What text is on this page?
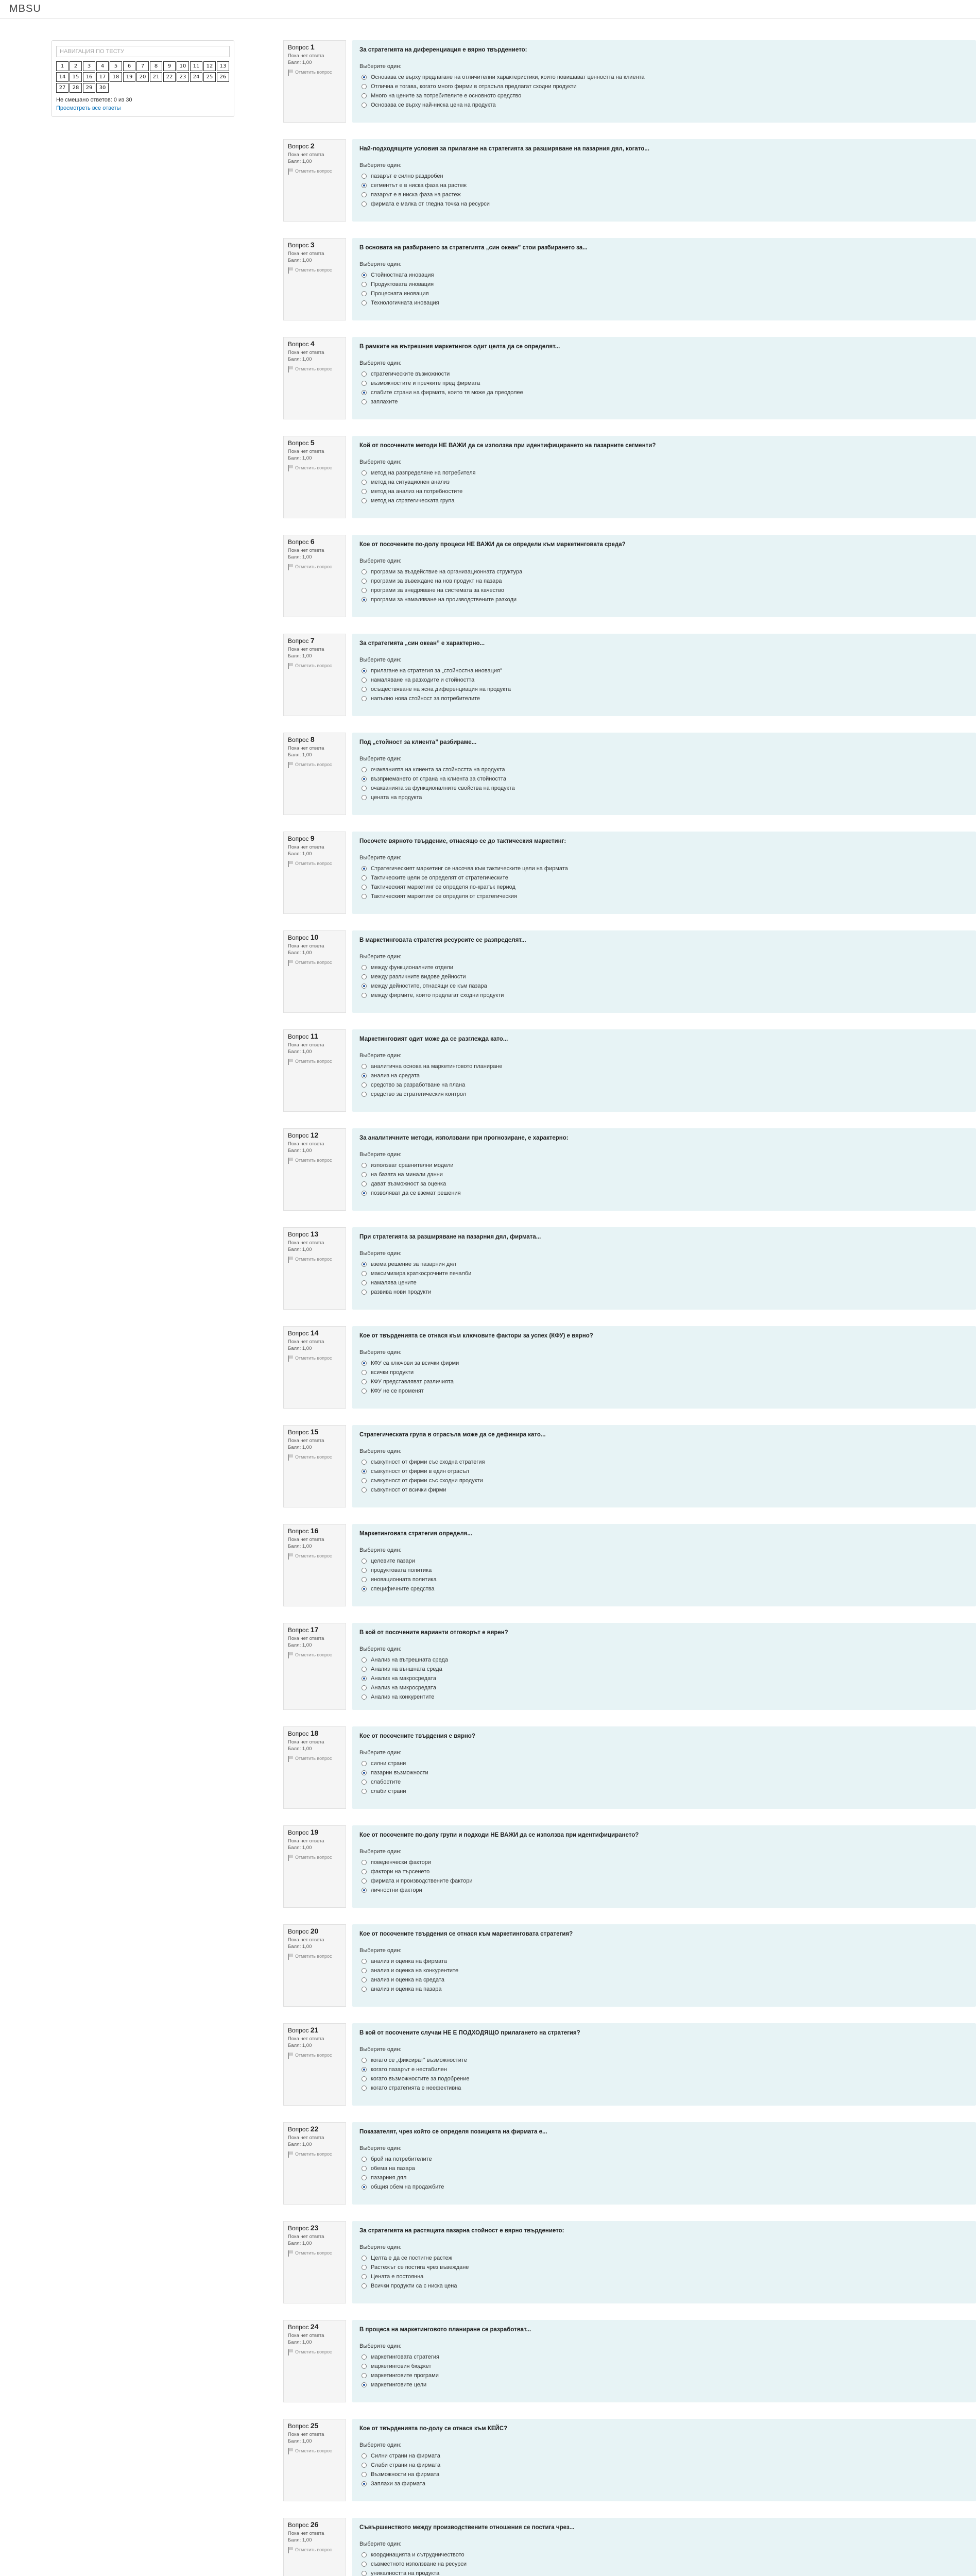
MBSU
НАВИГАЦИЯ ПО ТЕСТУ
1	2	3	4	5	6	7	8	9	10	11	12	13
14	15	16	17	18	19	20	21	22	23	24	25	26
27	28	29	30
Не смешано ответов: 0 из 30
Просмотреть все ответы
Вопрос 1
Пока нет ответа
Балл: 1,00
Отметить вопрос
За стратегията на диференциация е вярно твърдението:
Выберите один:
Основава се върху предлагане на отличителни характеристики, които повишават ценността на клиента
Отлична е тогава, когато много фирми в отрасъла предлагат сходни продукти
Много на цените за потребителите е основното средство
Основава се върху най-ниска цена на продукта
Вопрос 2
Пока нет ответа
Балл: 1,00
Отметить вопрос
Най-подходящите условия за прилагане на стратегията за разширяване на пазарния дял, когато...
Выберите один:
пазарът е силно раздробен
сегментът е в ниска фаза на растеж
пазарът е в ниска фаза на растеж
фирмата е малка от гледна точка на ресурси
Вопрос 3
Пока нет ответа
Балл: 1,00
Отметить вопрос
В основата на разбирането за стратегията „син океан” стои разбирането за...
Выберите один:
Стойностната иновация
Продуктовата иновация
Процесната иновация
Технологичната иновация
Вопрос 4
Пока нет ответа
Балл: 1,00
Отметить вопрос
В рамките на вътрешния маркетингов одит целта да се определят...
Выберите один:
стратегическите възможности
възможностите и пречките пред фирмата
слабите страни на фирмата, които тя може да преодолее
заплахите
Вопрос 5
Пока нет ответа
Балл: 1,00
Отметить вопрос
Кой от посочените методи НЕ ВАЖИ да се използва при идентифицирането на пазарните сегменти?
Выберите один:
метод на разпределяне на потребителя
метод на ситуационен анализ
метод на анализ на потребностите
метод на стратегическата група
Вопрос 6
Пока нет ответа
Балл: 1,00
Отметить вопрос
Кое от посочените по-долу процеси НЕ ВАЖИ да се определи към маркетинговата среда?
Выберите один:
програми за въздействие на организационната структура
програми за въвеждане на нов продукт на пазара
програми за внедряване на системата за качество
програми за намаляване на производствените разходи
Вопрос 7
Пока нет ответа
Балл: 1,00
Отметить вопрос
За стратегията „син океан” е характерно...
Выберите один:
прилагане на стратегия за „стойностна иновация”
намаляване на разходите и стойността
осъществяване на ясна диференциация на продукта
напълно нова стойност за потребителите
Вопрос 8
Пока нет ответа
Балл: 1,00
Отметить вопрос
Под „стойност за клиента” разбираме...
Выберите один:
очакванията на клиента за стойността на продукта
възприемането от страна на клиента за стойността
очакванията за функционалните свойства на продукта
цената на продукта
Вопрос 9
Пока нет ответа
Балл: 1,00
Отметить вопрос
Посочете вярното твърдение, отнасящо се до тактическия маркетинг:
Выберите один:
Стратегическият маркетинг се насочва към тактическите цели на фирмата
Тактическите цели се определят от стратегическите
Тактическият маркетинг се определя по-кратък период
Тактическият маркетинг се определя от стратегическия
Вопрос 10
Пока нет ответа
Балл: 1,00
Отметить вопрос
В маркетинговата стратегия ресурсите се разпределят...
Выберите один:
между функционалните отдели
между различните видове дейности
между дейностите, отнасящи се към пазара
между фирмите, които предлагат сходни продукти
Вопрос 11
Пока нет ответа
Балл: 1,00
Отметить вопрос
Маркетинговият одит може да се разглежда като...
Выберите один:
аналитична основа на маркетинговото планиране
анализ на средата
средство за разработване на плана
средство за стратегическия контрол
Вопрос 12
Пока нет ответа
Балл: 1,00
Отметить вопрос
За аналитичните методи, използвани при прогнозиране, е характерно:
Выберите один:
използват сравнителни модели
на базата на минали данни
дават възможност за оценка
позволяват да се вземат решения
Вопрос 13
Пока нет ответа
Балл: 1,00
Отметить вопрос
При стратегията за разширяване на пазарния дял, фирмата...
Выберите один:
взема решение за пазарния дял
максимизира краткосрочните печалби
намалява цените
развива нови продукти
Вопрос 14
Пока нет ответа
Балл: 1,00
Отметить вопрос
Кое от твърденията се отнася към ключовите фактори за успех (КФУ) е вярно?
Выберите один:
КФУ са ключови за всички фирми
всички продукти
КФУ представляват различията
КФУ не се променят
Вопрос 15
Пока нет ответа
Балл: 1,00
Отметить вопрос
Стратегическата група в отрасъла може да се дефинира като...
Выберите один:
съвкупност от фирми със сходна стратегия
съвкупност от фирми в един отрасъл
съвкупност от фирми със сходни продукти
съвкупност от всички фирми
Вопрос 16
Пока нет ответа
Балл: 1,00
Отметить вопрос
Маркетинговата стратегия определя...
Выберите один:
целевите пазари
продуктовата политика
иновационната политика
специфичните средства
Вопрос 17
Пока нет ответа
Балл: 1,00
Отметить вопрос
В кой от посочените варианти отговорът е вярен?
Выберите один:
Анализ на вътрешната среда
Анализ на външната среда
Анализ на макросредата
Анализ на микросредата
Анализ на конкурентите
Вопрос 18
Пока нет ответа
Балл: 1,00
Отметить вопрос
Кое от посочените твърдения е вярно?
Выберите один:
силни страни
пазарни възможности
слабостите
слаби страни
Вопрос 19
Пока нет ответа
Балл: 1,00
Отметить вопрос
Кое от посочените по-долу групи и подходи НЕ ВАЖИ да се използва при идентифицирането?
Выберите один:
поведенчески фактори
фактори на търсенето
фирмата и производствените фактори
личностни фактори
Вопрос 20
Пока нет ответа
Балл: 1,00
Отметить вопрос
Кое от посочените твърдения се отнася към маркетинговата стратегия?
Выберите один:
анализ и оценка на фирмата
анализ и оценка на конкурентите
анализ и оценка на средата
анализ и оценка на пазара
Вопрос 21
Пока нет ответа
Балл: 1,00
Отметить вопрос
В кой от посочените случаи НЕ Е ПОДХОДЯЩО прилагането на стратегия?
Выберите один:
когато се „фиксират” възможностите
когато пазарът е нестабилен
когато възможностите за подобрение
когато стратегията е неефективна
Вопрос 22
Пока нет ответа
Балл: 1,00
Отметить вопрос
Показателят, чрез който се определя позицията на фирмата е...
Выберите один:
брой на потребителите
обема на пазара
пазарния дял
общия обем на продажбите
Вопрос 23
Пока нет ответа
Балл: 1,00
Отметить вопрос
За стратегията на растящата пазарна стойност е вярно твърдението:
Выберите один:
Целта е да се постигне растеж
Растежът се постига чрез въвеждане
Цената е постоянна
Всички продукти са с ниска цена
Вопрос 24
Пока нет ответа
Балл: 1,00
Отметить вопрос
В процеса на маркетинговото планиране се разработват...
Выберите один:
маркетинговата стратегия
маркетинговия бюджет
маркетинговите програми
маркетинговите цели
Вопрос 25
Пока нет ответа
Балл: 1,00
Отметить вопрос
Кое от твърденията по-долу се отнася към КЕЙС?
Выберите один:
Силни страни на фирмата
Слаби страни на фирмата
Възможности на фирмата
Заплахи за фирмата
Вопрос 26
Пока нет ответа
Балл: 1,00
Отметить вопрос
Съвършенството между производствените отношения се постига чрез...
Выберите один:
координацията и сътрудничеството
съвместното използване на ресурси
уникалността на продукта
